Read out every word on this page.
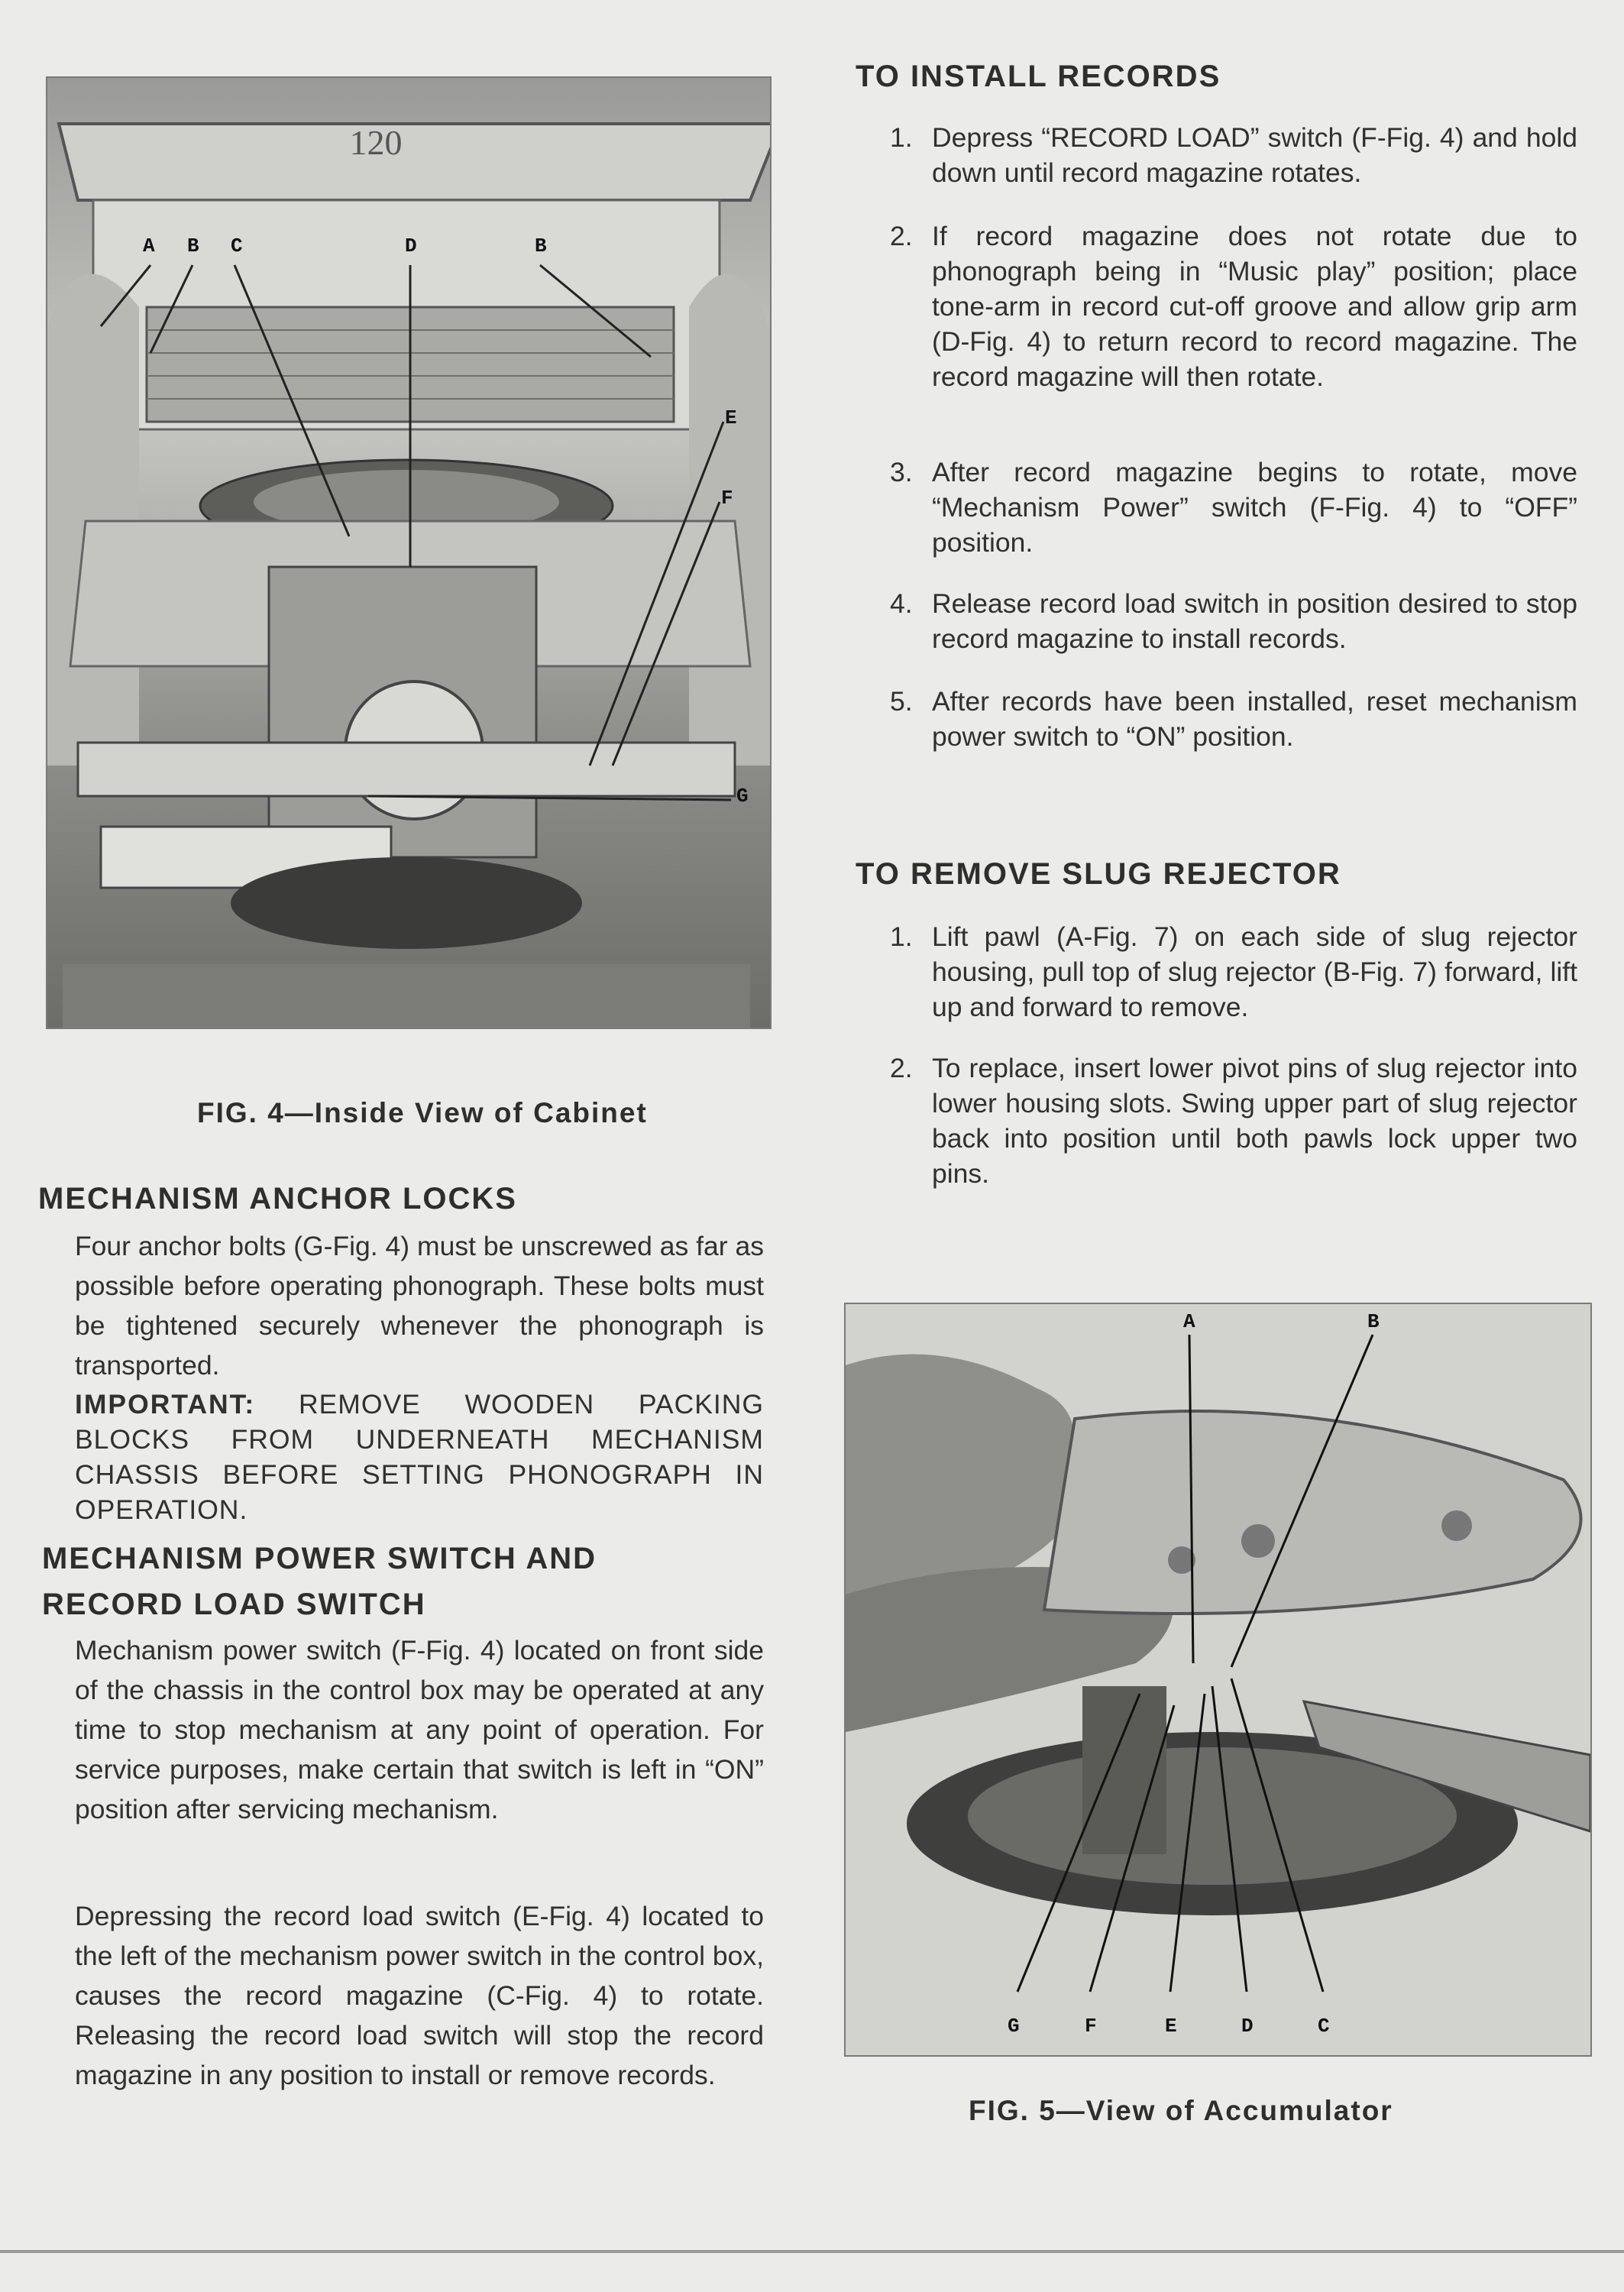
120
A B C	D	B
E
F
G
FIG. 4—Inside View of Cabinet
MECHANISM ANCHOR LOCKS
Four anchor bolts (G-Fig. 4) must be unscrewed as far as possible before operating phonograph. These bolts must be tightened securely whenever the phonograph is transported.
IMPORTANT: REMOVE WOODEN PACKING BLOCKS FROM UNDERNEATH MECHANISM CHASSIS BEFORE SETTING PHONOGRAPH IN OPERATION.
MECHANISM POWER SWITCH AND
RECORD LOAD SWITCH
Mechanism power switch (F-Fig. 4) located on front side of the chassis in the control box may be operated at any time to stop mechanism at any point of operation. For service purposes, make certain that switch is left in “ON” position after servicing mechanism.
Depressing the record load switch (E-Fig. 4) located to the left of the mechanism power switch in the control box, causes the record magazine (C-Fig. 4) to rotate. Releasing the record load switch will stop the record magazine in any position to install or remove records.
TO INSTALL RECORDS
1. Depress “RECORD LOAD” switch (F-Fig. 4) and hold down until record magazine rotates.
2. If record magazine does not rotate due to phonograph being in “Music play” position; place tone-arm in record cut-off groove and allow grip arm (D-Fig. 4) to return record to record magazine. The record magazine will then rotate.
3. After record magazine begins to rotate, move “Mechanism Power” switch (F-Fig. 4) to “OFF” position.
4. Release record load switch in position desired to stop record magazine to install records.
5. After records have been installed, reset mechanism power switch to “ON” position.
TO REMOVE SLUG REJECTOR
1. Lift pawl (A-Fig. 7) on each side of slug rejector housing, pull top of slug rejector (B-Fig. 7) forward, lift up and forward to remove.
2. To replace, insert lower pivot pins of slug rejector into lower housing slots. Swing upper part of slug rejector back into position until both pawls lock upper two pins.
A	B
G	F	E	D	C
FIG. 5—View of Accumulator
